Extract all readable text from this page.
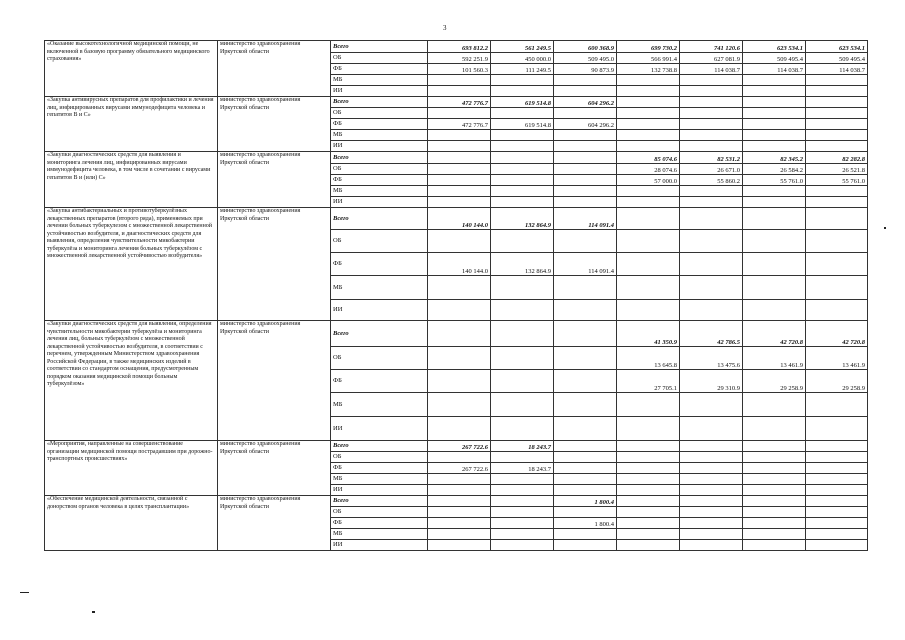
3
«Оказание высокотехнологичной медицинской помощи, не включенной в базовую программу обязательного медицинского страхования»	министерство здравоохранения Иркутской области	Всего	693 812.2	561 249.5	600 368.9	699 730.2	741 120.6	623 534.1	623 534.1
		ОБ	592 251.9	450 000.0	509 495.0	566 991.4	627 081.9	509 495.4	509 495.4
		ФБ	101 560.3	111 249.5	90 873.9	132 738.8	114 038.7	114 038.7	114 038.7
		МБ							
		ИИ							
«Закупка антивирусных препаратов для профилактики и лечения лиц, инфицированных вирусами иммунодефицита человека и гепатитов В и С»	министерство здравоохранения Иркутской области	Всего	472 776.7	619 514.8	604 296.2				
		ОБ							
		ФБ	472 776.7	619 514.8	604 296.2				
		МБ							
		ИИ							
«Закупки диагностических средств для выявления и мониторинга лечения лиц, инфицированных вирусами иммунодефицита человека, в том числе в сочетании с вирусами гепатитов В и (или) С»	министерство здравоохранения Иркутской области	Всего				85 074.6	82 531.2	82 345.2	82 282.8
		ОБ				28 074.6	26 671.0	26 584.2	26 521.8
		ФБ				57 000.0	55 860.2	55 761.0	55 761.0
		МБ							
		ИИ							
«Закупка антибактериальных и противотуберкулёзных лекарственных препаратов (второго ряда), применяемых при лечении больных туберкулезом с множественной лекарственной устойчивостью возбудителя, и диагностических средств для выявления, определения чувствительности микобактерии туберкулёза и мониторинга лечения больных туберкулёзом с множественной лекарственной устойчивостью возбудителя»	министерство здравоохранения Иркутской области	Всего	140 144.0	132 864.9	114 091.4				
		ОБ							
		ФБ	140 144.0	132 864.9	114 091.4				
		МБ							
		ИИ							
«Закупки диагностических средств для выявления, определения чувствительности микобактерии туберкулёза и мониторинга лечения лиц, больных туберкулёзом с множественной лекарственной устойчивостью возбудителя, в соответствии с перечнем, утвержденным Министерством здравоохранения Российской Федерации, в также медицинских изделий в соответствии со стандартом оснащения, предусмотренным порядком оказания медицинской помощи больным туберкулёзом»	министерство здравоохранения Иркутской области	Всего				41 350.9	42 786.5	42 720.8	42 720.8
		ОБ				13 645.8	13 475.6	13 461.9	13 461.9
		ФБ				27 705.1	29 310.9	29 258.9	29 258.9
		МБ							
		ИИ							
«Мероприятия, направленные на совершенствование организации медицинской помощи пострадавшим при дорожно-транспортных происшествиях»	министерство здравоохранения Иркутской области	Всего	267 722.6	18 243.7					
		ОБ							
		ФБ	267 722.6	18 243.7					
		МБ							
		ИИ							
«Обеспечение медицинской деятельности, связанной с донорством органов человека в целях трансплантации»	министерство здравоохранения Иркутской области	Всего			1 800.4				
		ОБ							
		ФБ			1 800.4				
		МБ							
		ИИ							
